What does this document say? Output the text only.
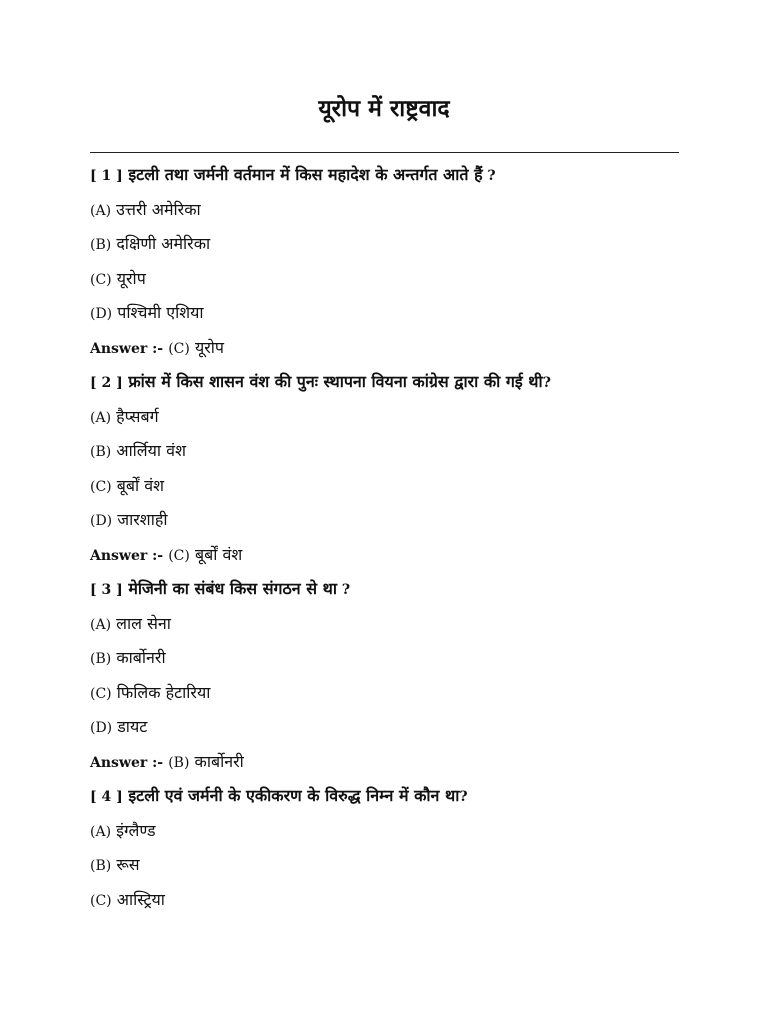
यूरोप में राष्ट्रवाद
[ 1 ] इटली तथा जर्मनी वर्तमान में किस महादेश के अन्तर्गत आते हैं ?
(A) उत्तरी अमेरिका
(B) दक्षिणी अमेरिका
(C) यूरोप
(D) पश्चिमी एशिया
Answer :- (C) यूरोप
[ 2 ] फ्रांस में किस शासन वंश की पुनः स्थापना वियना कांग्रेस द्वारा की गई थी?
(A) हैप्सबर्ग
(B) आर्लिया वंश
(C) बूर्बों वंश
(D) जारशाही
Answer :- (C) बूर्बों वंश
[ 3 ] मेजिनी का संबंध किस संगठन से था ?
(A) लाल सेना
(B) कार्बोनरी
(C) फिलिक हेटारिया
(D) डायट
Answer :- (B) कार्बोनरी
[ 4 ] इटली एवं जर्मनी के एकीकरण के विरुद्ध निम्न में कौन था?
(A) इंग्लैण्ड
(B) रूस
(C) आस्ट्रिया
